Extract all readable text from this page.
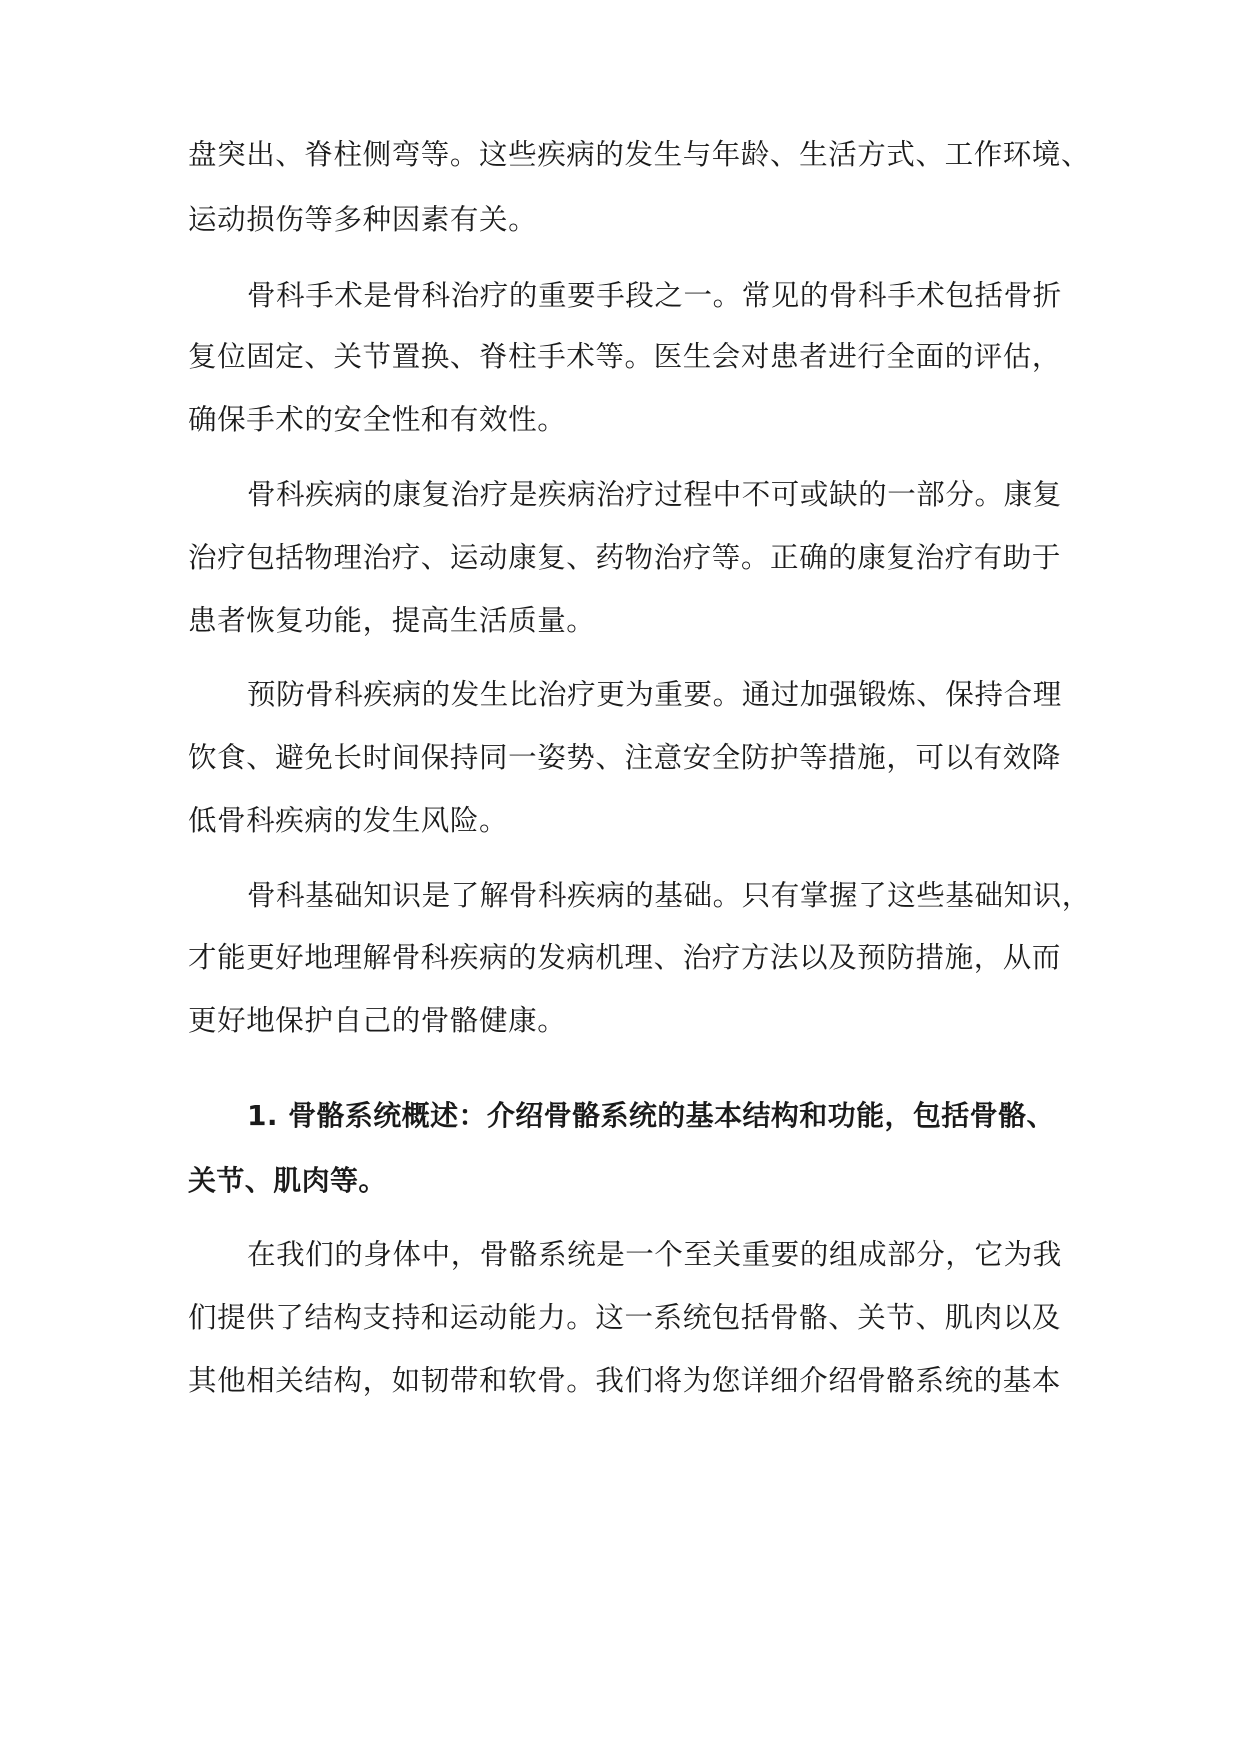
盘突出、脊柱侧弯等。这些疾病的发生与年龄、生活方式、工作环境、
运动损伤等多种因素有关。
骨科手术是骨科治疗的重要手段之一。常见的骨科手术包括骨折
复位固定、关节置换、脊柱手术等。医生会对患者进行全面的评估，
确保手术的安全性和有效性。
骨科疾病的康复治疗是疾病治疗过程中不可或缺的一部分。康复
治疗包括物理治疗、运动康复、药物治疗等。正确的康复治疗有助于
患者恢复功能，提高生活质量。
预防骨科疾病的发生比治疗更为重要。通过加强锻炼、保持合理
饮食、避免长时间保持同一姿势、注意安全防护等措施，可以有效降
低骨科疾病的发生风险。
骨科基础知识是了解骨科疾病的基础。只有掌握了这些基础知识，
才能更好地理解骨科疾病的发病机理、治疗方法以及预防措施，从而
更好地保护自己的骨骼健康。
1. 骨骼系统概述：介绍骨骼系统的基本结构和功能，包括骨骼、
关节、肌肉等。
在我们的身体中，骨骼系统是一个至关重要的组成部分，它为我
们提供了结构支持和运动能力。这一系统包括骨骼、关节、肌肉以及
其他相关结构，如韧带和软骨。我们将为您详细介绍骨骼系统的基本
